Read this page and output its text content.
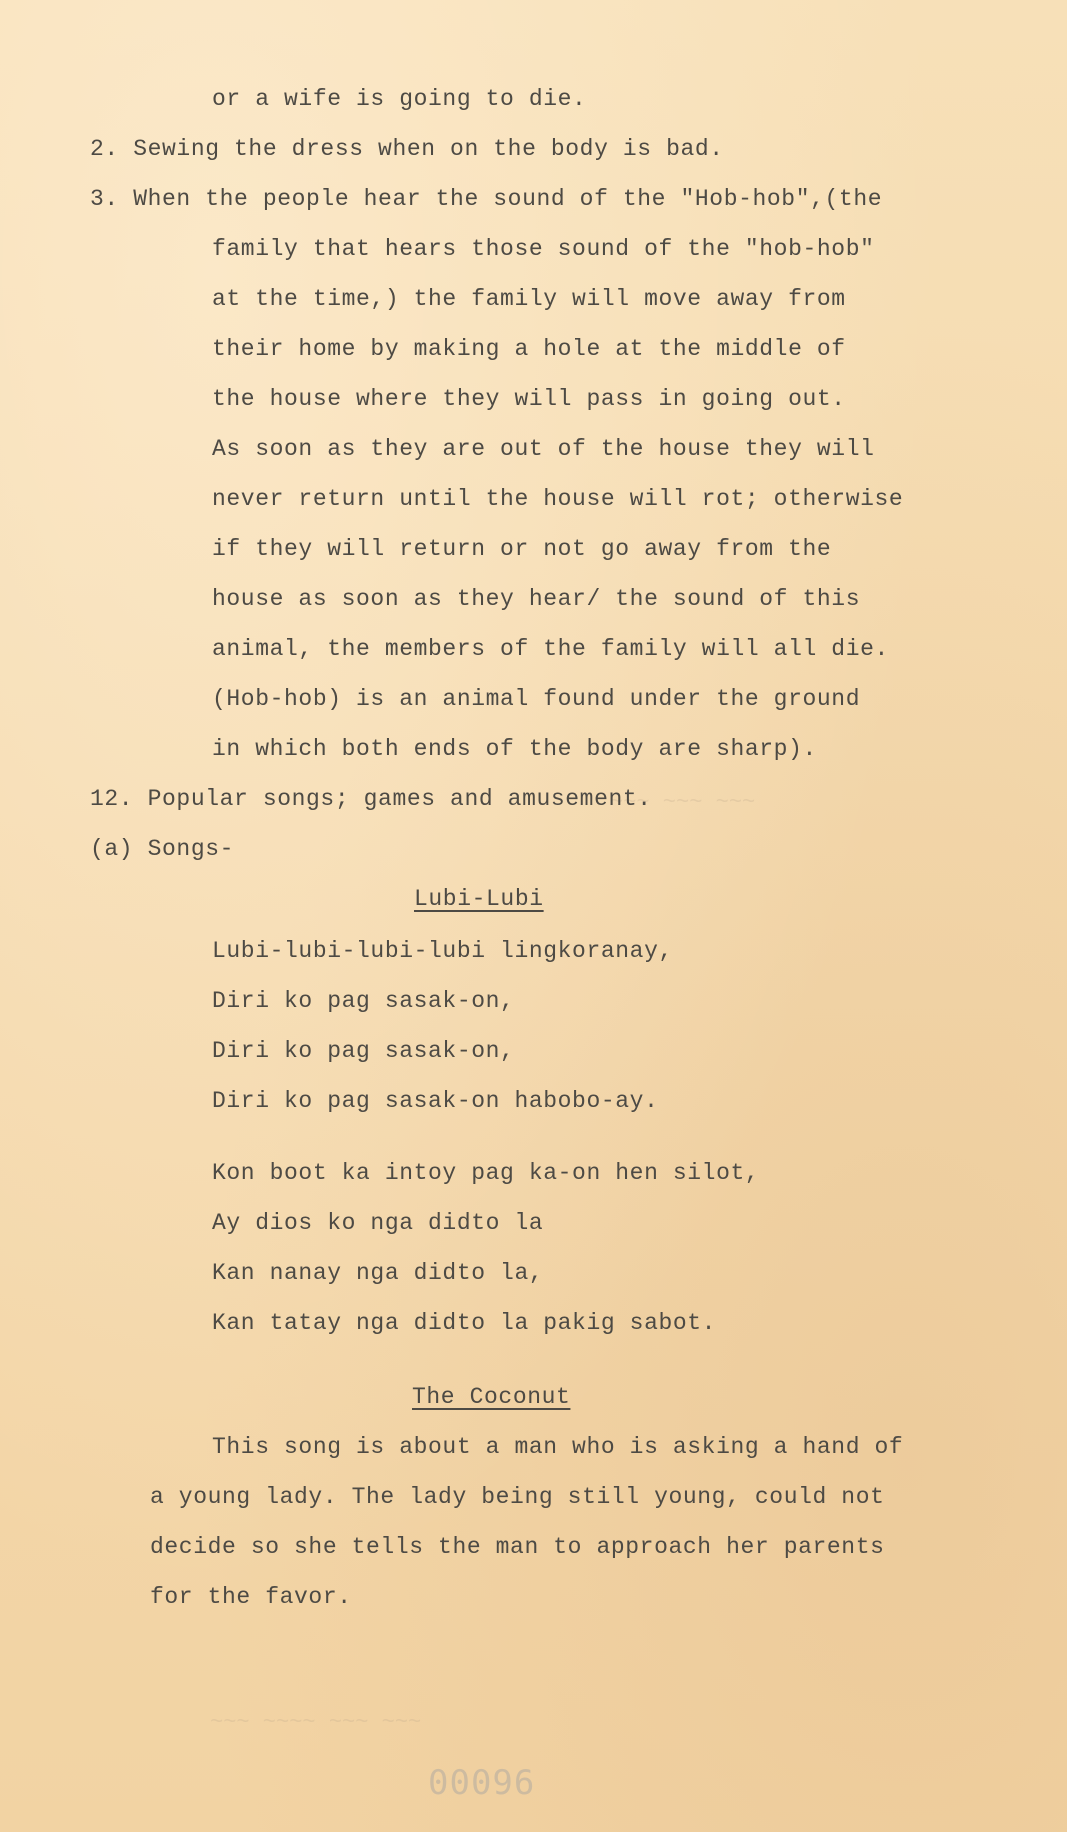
~~~ ~~~ ~~~
~~~ ~~~~ ~~~ ~~~
or a wife is going to die.
2. Sewing the dress when on the body is bad.
3. When the people hear the sound of the "Hob-hob",(the
family that hears those sound of the "hob-hob"
at the time,) the family will move away from
their home by making a hole at the middle of
the house where they will pass in going out.
As soon as they are out of the house they will
never return until the house will rot; otherwise
if they will return or not go away from the
house as soon as they hear/ the sound of this
animal, the members of the family will all die.
(Hob-hob) is an animal found under the ground
in which both ends of the body are sharp).
12. Popular songs; games and amusement.
(a) Songs-
Lubi-Lubi
Lubi-lubi-lubi-lubi lingkoranay,
Diri ko pag sasak-on,
Diri ko pag sasak-on,
Diri ko pag sasak-on habobo-ay.
Kon boot ka intoy pag ka-on hen silot,
Ay dios ko nga didto la
Kan nanay nga didto la,
Kan tatay nga didto la pakig sabot.
The Coconut
This song is about a man who is asking a hand of
a young lady. The lady being still young, could not
decide so she tells the man to approach her parents
for the favor.
00096
